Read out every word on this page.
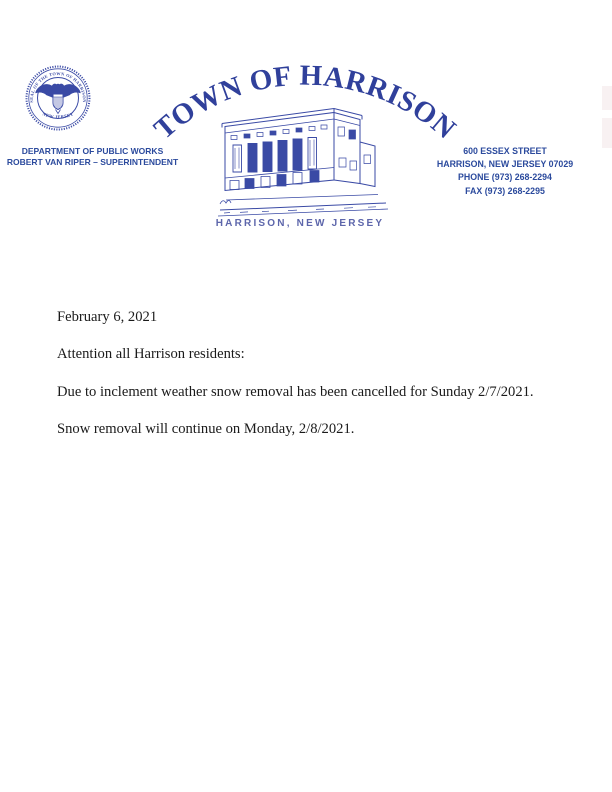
SEAL OF THE TOWN OF HARRISON
NEW JERSEY
DEPARTMENT OF PUBLIC WORKS
ROBERT VAN RIPER – SUPERINTENDENT
TOWN OF HARRISON
HARRISON, NEW JERSEY
600 ESSEX STREET
HARRISON, NEW JERSEY 07029
PHONE (973) 268-2294
FAX (973) 268-2295

February 6, 2021

Attention all Harrison residents:

Due to inclement weather snow removal has been cancelled for Sunday 2/7/2021.

Snow removal will continue on Monday, 2/8/2021.
